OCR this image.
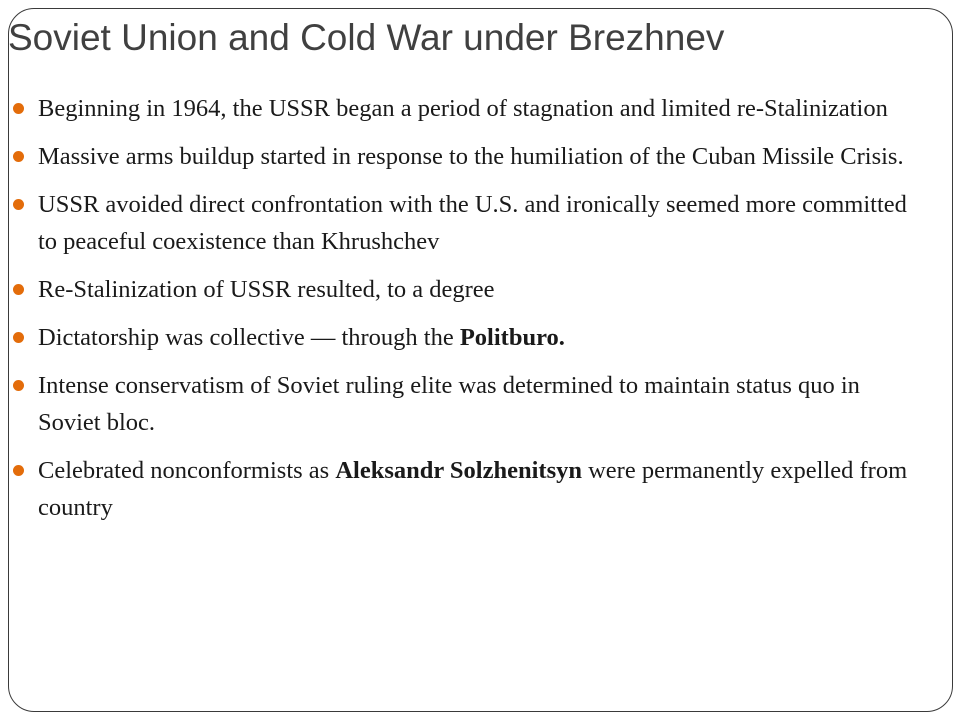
Soviet Union and Cold War under Brezhnev
Beginning in 1964, the USSR began a period of stagnation and limited re-Stalinization
Massive arms buildup started in response to the humiliation of the Cuban Missile Crisis.
USSR avoided direct confrontation with the U.S. and ironically seemed more committed to peaceful coexistence than Khrushchev
Re-Stalinization of USSR resulted, to a degree
Dictatorship was collective — through the Politburo.
Intense conservatism of Soviet ruling elite was determined to maintain status quo in Soviet bloc.
Celebrated nonconformists as Aleksandr Solzhenitsyn were permanently expelled from country
